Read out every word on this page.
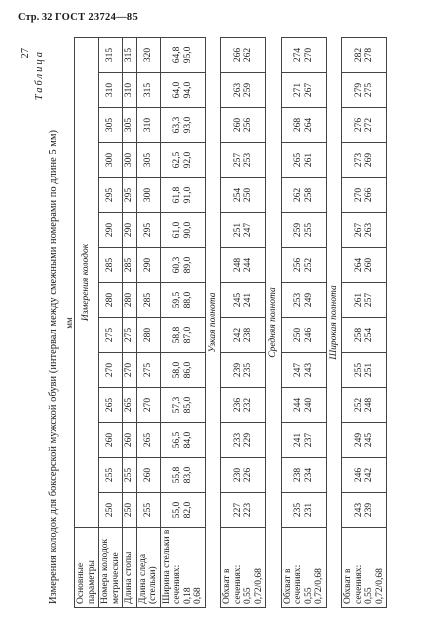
Стр. 32 ГОСТ 23724—85
27 Таблица
Измерения колодок для боксерской мужской обуви (интервал между смежными номерами по длине 5 мм) мм
Основные параметры	Измерения колодок													
Номера колодок метрические	250	255	260	265	270	275	280	285	290	295	300	305	310	315
Длина стопы	250	255	260	265	270	275	280	285	290	295	300	305	310	315
Длина следа (стельки)	255	260	265	270	275	280	285	290	295	300	305	310	315	320

Ширина стельки в сечениях: 0,18 0,68	55,0 82,0	55,8 83,0	56,5 84,0	57,3 85,0	58,0 86,0	58,8 87,0	59,5 88,0	60,3 89,0	61,0 90,0	61,8 91,0	62,5 92,0	63,3 93,0	64,0 94,0	64,8 95,0

Узкая полнота														

Обхват в сечениях: 0,55 0,72/0,68	227 223	230 226	233 229	236 232	239 235	242 238	245 241	248 244	251 247	254 250	257 253	260 256	263 259	266 262

Средняя полнота														

Обхват в сечениях: 0,55 0,72/0,68	235 231	238 234	241 237	244 240	247 243	250 246	253 249	256 252	259 255	262 258	265 261	268 264	271 267	274 270

Широкая полнота														

Обхват в сечениях: 0,55 0,72/0,68	243 239	246 242	249 245	252 248	255 251	258 254	261 257	264 260	267 263	270 266	273 269	276 272	279 275	282 278
